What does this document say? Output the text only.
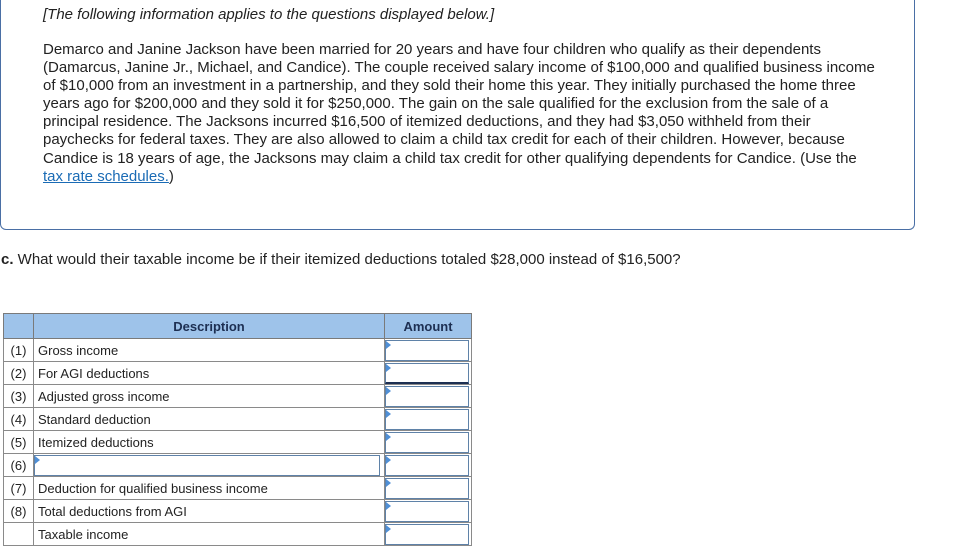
[The following information applies to the questions displayed below.]

Demarco and Janine Jackson have been married for 20 years and have four children who qualify as their dependents (Damarcus, Janine Jr., Michael, and Candice). The couple received salary income of $100,000 and qualified business income of $10,000 from an investment in a partnership, and they sold their home this year. They initially purchased the home three years ago for $200,000 and they sold it for $250,000. The gain on the sale qualified for the exclusion from the sale of a principal residence. The Jacksons incurred $16,500 of itemized deductions, and they had $3,050 withheld from their paychecks for federal taxes. They are also allowed to claim a child tax credit for each of their children. However, because Candice is 18 years of age, the Jacksons may claim a child tax credit for other qualifying dependents for Candice. (Use the tax rate schedules.)

c. What would their taxable income be if their itemized deductions totaled $28,000 instead of $16,500?
	Description	Amount
(1)	Gross income	

(2)	For AGI deductions	

(3)	Adjusted gross income	

(4)	Standard deduction	

(5)	Itemized deductions	

(6)	

(7)	Deduction for qualified business income	

(8)	Total deductions from AGI	

	Taxable income	
